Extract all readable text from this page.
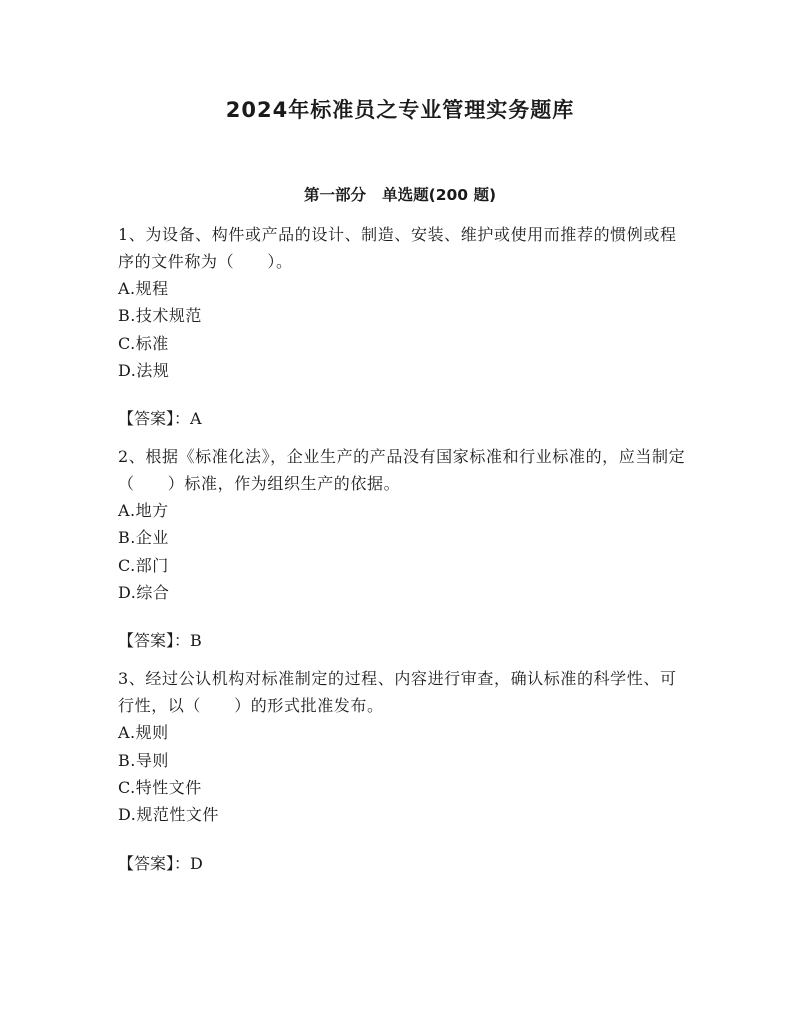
2024年标准员之专业管理实务题库
第一部分   单选题(200 题)

1、为设备、构件或产品的设计、制造、安装、维护或使用而推荐的惯例或程序的文件称为（　　）。

A.规程
B.技术规范
C.标准
D.法规
【答案】：A

2、根据《标准化法》，企业生产的产品没有国家标准和行业标准的，应当制定（　　）标准，作为组织生产的依据。

A.地方
B.企业
C.部门
D.综合
【答案】：B

3、经过公认机构对标准制定的过程、内容进行审查，确认标准的科学性、可行性，以（　　）的形式批准发布。

A.规则
B.导则
C.特性文件
D.规范性文件
【答案】：D
